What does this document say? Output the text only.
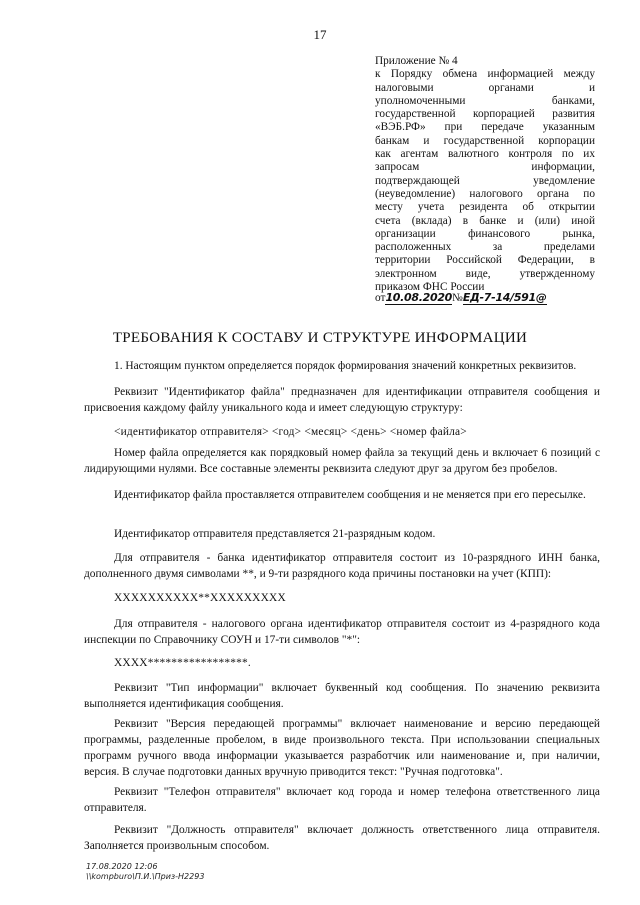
17
Приложение № 4
к Порядку обмена информацией между
налоговыми органами и
уполномоченными банками,
государственной корпорацией развития
«ВЭБ.РФ» при передаче указанным
банкам и государственной корпорации
как агентам валютного контроля по их
запросам информации,
подтверждающей уведомление
(неуведомление) налогового органа по
месту учета резидента об открытии
счета (вклада) в банке и (или) иной
организации финансового рынка,
расположенных за пределами
территории Российской Федерации, в
электронном виде, утвержденному
приказом ФНС России
от10.08.2020№ЕД-7-14/591@
ТРЕБОВАНИЯ К СОСТАВУ И СТРУКТУРЕ ИНФОРМАЦИИ

1. Настоящим пунктом определяется порядок формирования значений конкретных реквизитов.

Реквизит "Идентификатор файла" предназначен для идентификации отправителя сообщения и присвоения каждому файлу уникального кода и имеет следующую структуру:

<идентификатор отправителя> <год> <месяц> <день> <номер файла>

Номер файла определяется как порядковый номер файла за текущий день и включает 6 позиций с лидирующими нулями. Все составные элементы реквизита следуют друг за другом без пробелов.

Идентификатор файла проставляется отправителем сообщения и не меняется при его пересылке.

Идентификатор отправителя представляется 21-разрядным кодом.

Для отправителя - банка идентификатор отправителя состоит из 10-разрядного ИНН банка, дополненного двумя символами **, и 9-ти разрядного кода причины постановки на учет (КПП):

XXXXXXXXXX**XXXXXXXXX

Для отправителя - налогового органа идентификатор отправителя состоит из 4-разрядного кода инспекции по Справочнику СОУН и 17-ти символов "*":

XXXX*****************.

Реквизит "Тип информации" включает буквенный код сообщения. По значению реквизита выполняется идентификация сообщения.

Реквизит "Версия передающей программы" включает наименование и версию передающей программы, разделенные пробелом, в виде произвольного текста. При использовании специальных программ ручного ввода информации указывается разработчик или наименование и, при наличии, версия. В случае подготовки данных вручную приводится текст: "Ручная подготовка".

Реквизит "Телефон отправителя" включает код города и номер телефона ответственного лица отправителя.

Реквизит "Должность отправителя" включает должность ответственного лица отправителя. Заполняется произвольным способом.

17.08.2020 12:06
\\kompburo\П.И.\Приз-Н2293
